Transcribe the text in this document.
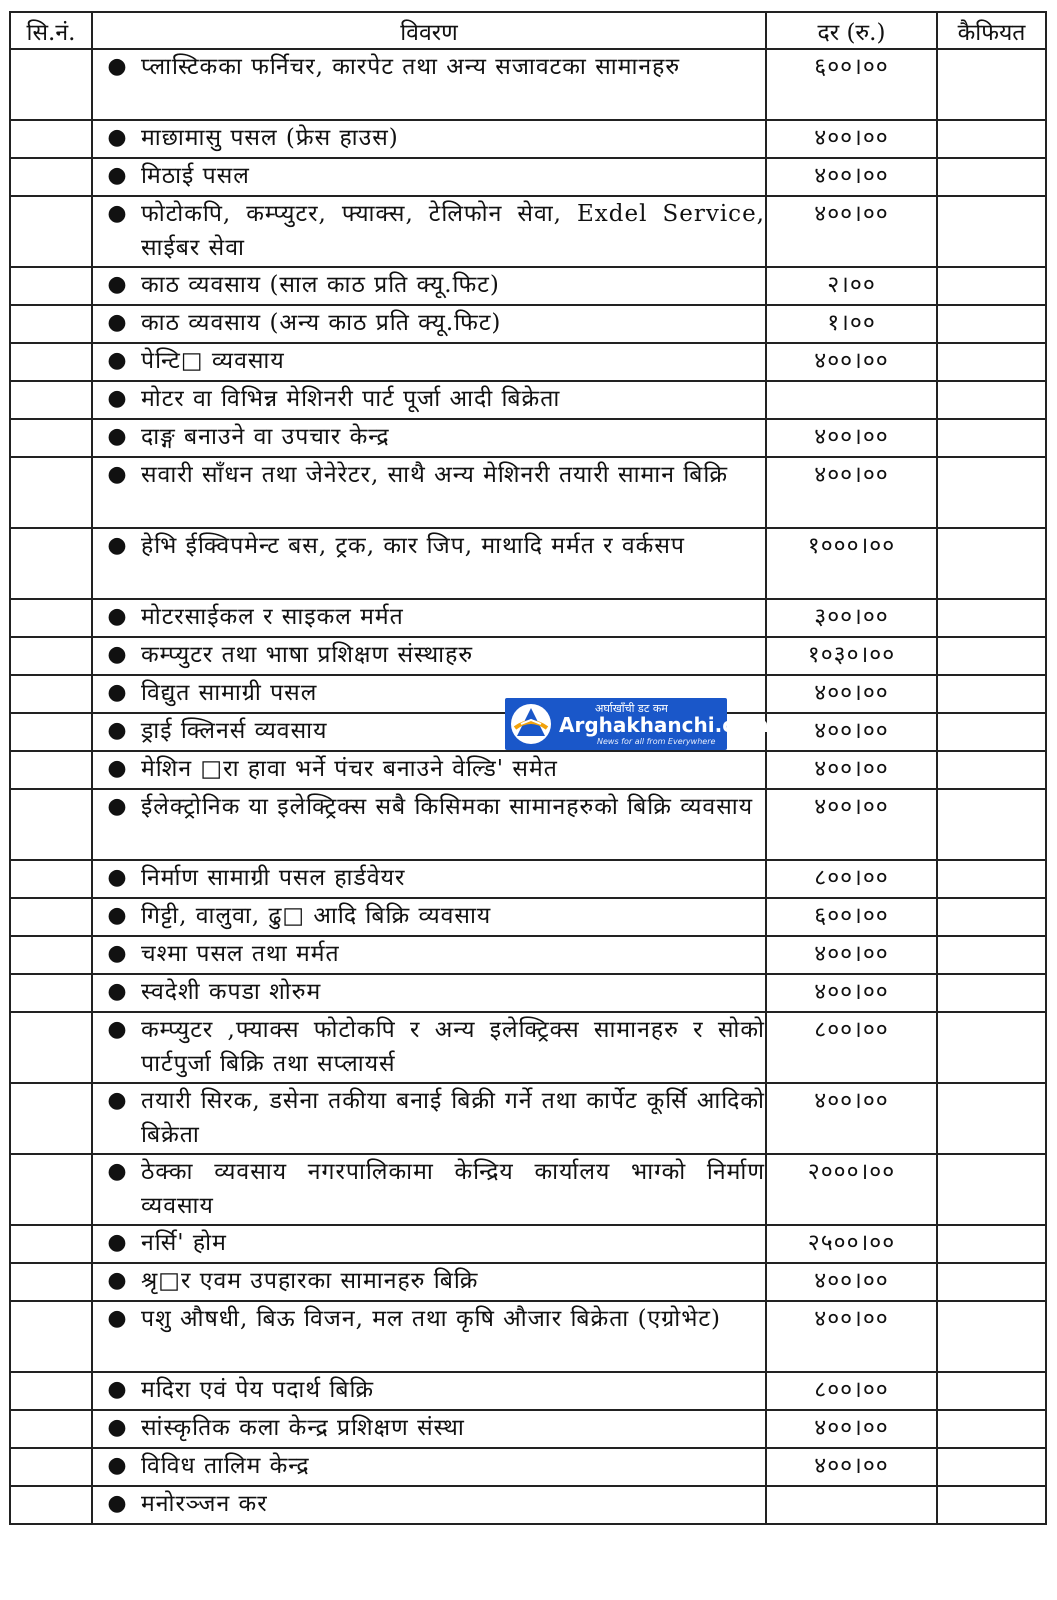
सि.नं.	विवरण	दर (रु.)	कैफियत

	● प्लास्टिकका फर्निचर, कारपेट तथा अन्य सजावटका सामानहरु	६००।००	

	● माछामासु पसल (फ्रेस हाउस)	४००।००	

	● मिठाई पसल	४००।००	

	● फोटोकपि, कम्प्युटर, फ्याक्स, टेलिफोन सेवा, Exdel Service, साईबर सेवा	४००।००	

	● काठ व्यवसाय (साल काठ प्रति क्यू.फिट)	२।००	

	● काठ व्यवसाय (अन्य काठ प्रति क्यू.फिट)	१।००	

	● पेन्टि□ व्यवसाय	४००।००	

	● मोटर वा विभिन्न मेशिनरी पार्ट पूर्जा आदी बिक्रेता		

	● दाङ्ग बनाउने वा उपचार केन्द्र	४००।००	

	● सवारी साँधन तथा जेनेरेटर, साथै अन्य मेशिनरी तयारी सामान बिक्रि	४००।००	

	● हेभि ईक्विपमेन्ट बस, ट्रक, कार जिप, माथादि मर्मत र वर्कसप	१०००।००	

	● मोटरसाईकल र साइकल मर्मत	३००।००	

	● कम्प्युटर तथा भाषा प्रशिक्षण संस्थाहरु	१०३०।००	

	● विद्युत सामाग्री पसल	४००।००	

	● ड्राई क्लिनर्स व्यवसाय	४००।००	

	● मेशिन □रा हावा भर्ने पंचर बनाउने वेल्डि' समेत	४००।००	

	● ईलेक्ट्रोनिक या इलेक्ट्रिक्स सबै किसिमका सामानहरुको बिक्रि व्यवसाय	४००।००	

	● निर्माण सामाग्री पसल हार्डवेयर	८००।००	

	● गिट्टी, वालुवा, ढु□ आदि बिक्रि व्यवसाय	६००।००	

	● चश्मा पसल तथा मर्मत	४००।००	

	● स्वदेशी कपडा शोरुम	४००।००	

	● कम्प्युटर ,फ्याक्स फोटोकपि र अन्य इलेक्ट्रिक्स सामानहरु र सोको पार्टपुर्जा बिक्रि तथा सप्लायर्स	८००।००	

	● तयारी सिरक, डसेना तकीया बनाई बिक्री गर्ने तथा कार्पेट कूर्सि आदिको बिक्रेता	४००।००	

	● ठेक्का व्यवसाय नगरपालिकामा केन्द्रिय कार्यालय भाग्को निर्माण व्यवसाय	२०००।००	

	● नर्सि' होम	२५००।००	

	● श्रृ□र एवम उपहारका सामानहरु बिक्रि	४००।००	

	● पशु औषधी, बिऊ विजन, मल तथा कृषि औजार बिक्रेता (एग्रोभेट)	४००।००	

	● मदिरा एवं पेय पदार्थ बिक्रि	८००।००	

	● सांस्कृतिक कला केन्द्र प्रशिक्षण संस्था	४००।००	

	● विविध तालिम केन्द्र	४००।००	

	● मनोरञ्जन कर		

अर्घाखाँची डट कम
Arghakhanchi.com
News for all from Everywhere
